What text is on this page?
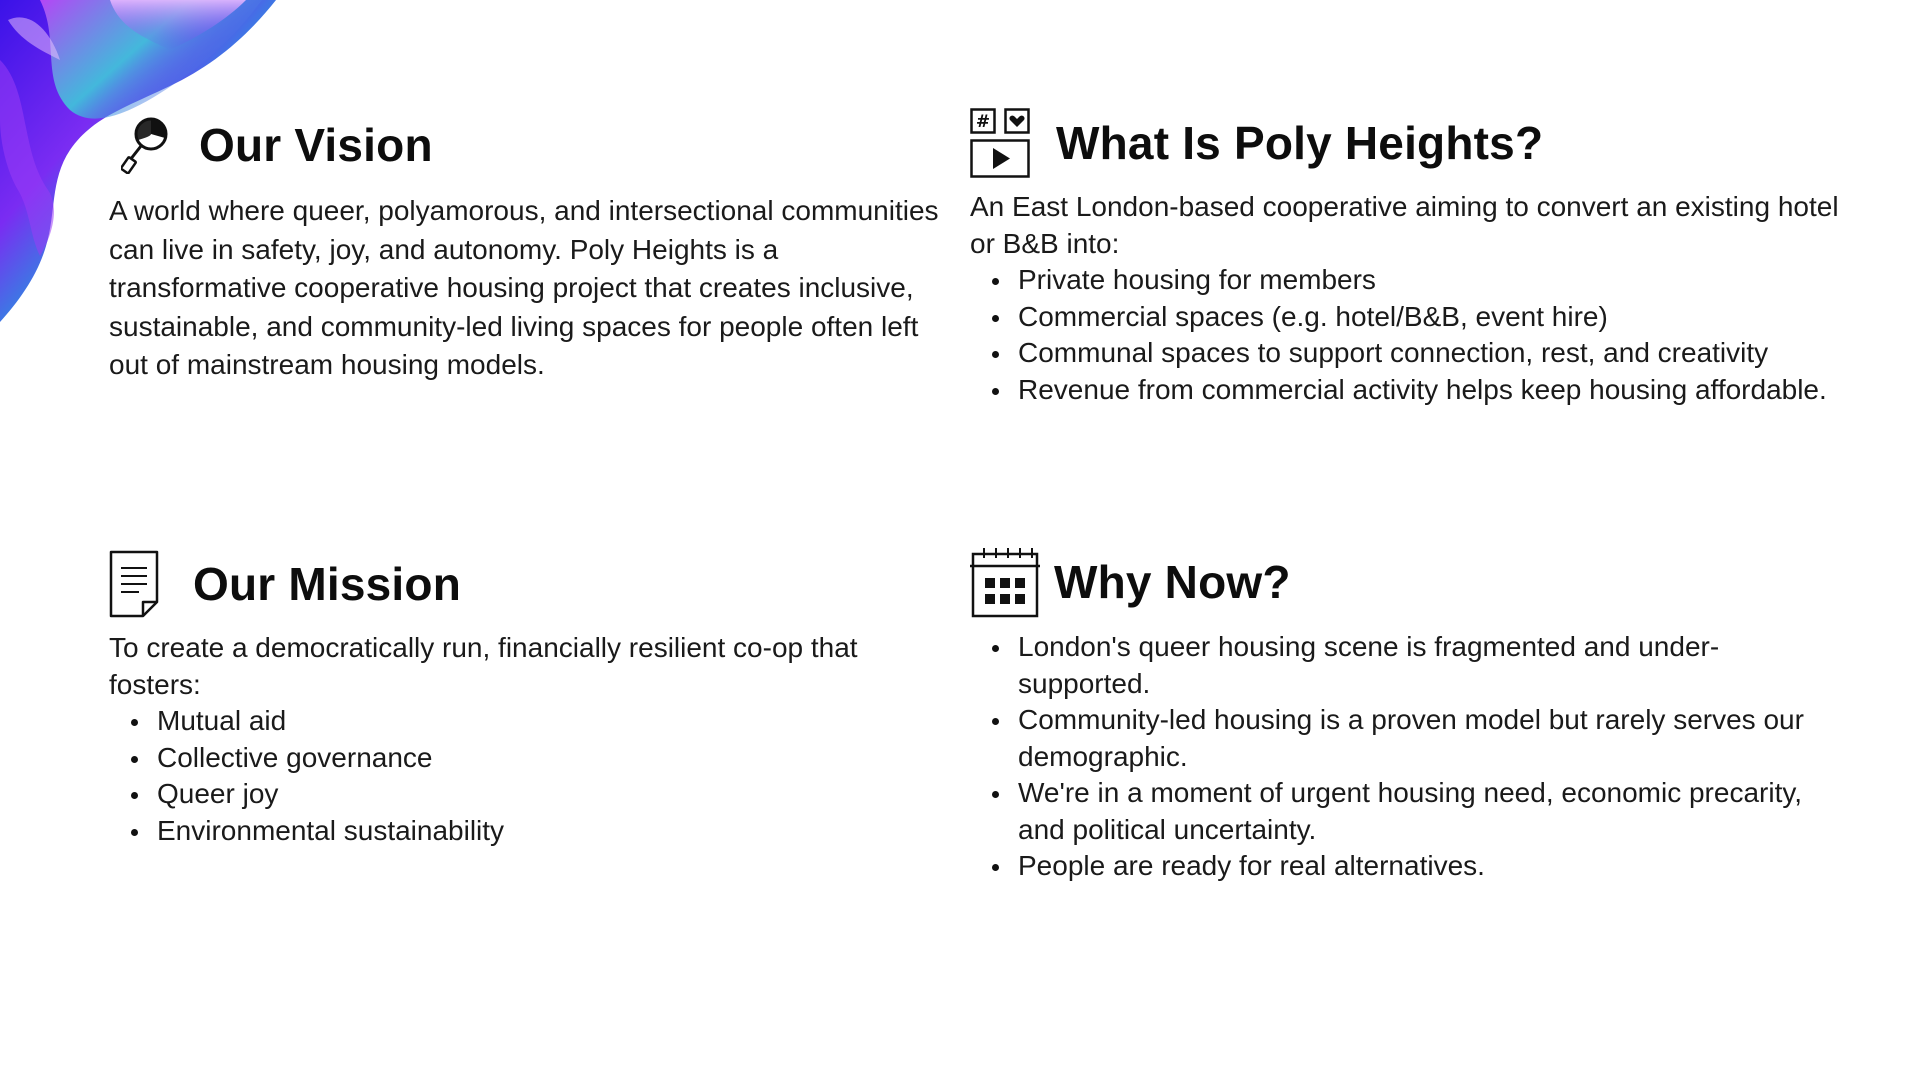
Our Vision

A world where queer, polyamorous, and intersectional communities can live in safety, joy, and autonomy. Poly Heights is a transformative cooperative housing project that creates inclusive, sustainable, and community-led living spaces for people often left out of mainstream housing models.

# What Is Poly Heights?

An East London-based cooperative aiming to convert an existing hotel or B&B into:

Private housing for members
Commercial spaces (e.g. hotel/B&B, event hire)
Communal spaces to support connection, rest, and creativity
Revenue from commercial activity helps keep housing affordable.
Our Mission

To create a democratically run, financially resilient co-op that fosters:

Mutual aid
Collective governance
Queer joy
Environmental sustainability
Why Now?
London's queer housing scene is fragmented and under-supported.
Community-led housing is a proven model but rarely serves our demographic.
We're in a moment of urgent housing need, economic precarity, and political uncertainty.
People are ready for real alternatives.
